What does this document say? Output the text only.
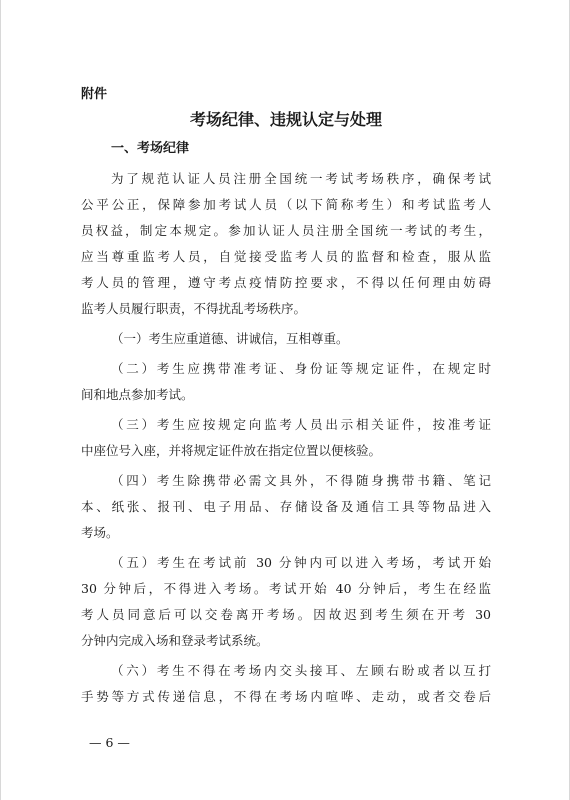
附件
考场纪律、违规认定与处理
一、考场纪律
为了规范认证人员注册全国统一考试考场秩序，确保考试
公平公正，保障参加考试人员（以下简称考生）和考试监考人
员权益，制定本规定。参加认证人员注册全国统一考试的考生，
应当尊重监考人员，自觉接受监考人员的监督和检查，服从监
考人员的管理，遵守考点疫情防控要求，不得以任何理由妨碍
监考人员履行职责，不得扰乱考场秩序。
（一）考生应重道德、讲诚信，互相尊重。
（二）考生应携带准考证、身份证等规定证件，在规定时
间和地点参加考试。
（三）考生应按规定向监考人员出示相关证件，按准考证
中座位号入座，并将规定证件放在指定位置以便核验。
（四）考生除携带必需文具外，不得随身携带书籍、笔记
本、纸张、报刊、电子用品、存储设备及通信工具等物品进入
考场。
（五）考生在考试前 30 分钟内可以进入考场，考试开始
30 分钟后，不得进入考场。考试开始 40 分钟后，考生在经监
考人员同意后可以交卷离开考场。因故迟到考生须在开考 30
分钟内完成入场和登录考试系统。
（六）考生不得在考场内交头接耳、左顾右盼或者以互打
手势等方式传递信息，不得在考场内喧哗、走动，或者交卷后
— 6 —
